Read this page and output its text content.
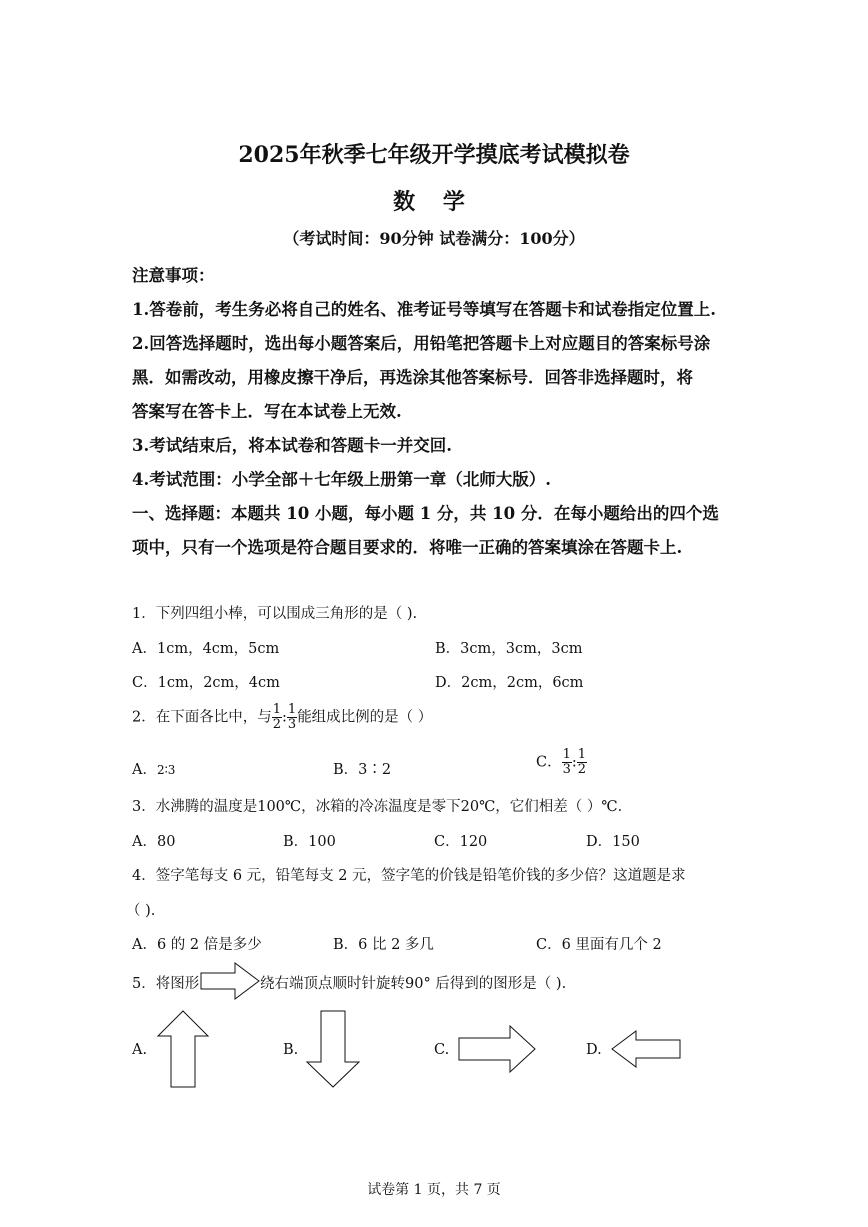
2025年秋季七年级开学摸底考试模拟卷
数 学
（考试时间：90分钟 试卷满分：100分）
注意事项：
1.答卷前，考生务必将自己的姓名、准考证号等填写在答题卡和试卷指定位置上.
2.回答选择题时，选出每小题答案后，用铅笔把答题卡上对应题目的答案标号涂
黑．如需改动，用橡皮擦干净后，再选涂其他答案标号．回答非选择题时，将
答案写在答卡上．写在本试卷上无效.
3.考试结束后，将本试卷和答题卡一并交回.
4.考试范围：小学全部＋七年级上册第一章（北师大版）.
一、选择题：本题共 10 小题，每小题 1 分，共 10 分．在每小题给出的四个选
项中，只有一个选项是符合题目要求的．将唯一正确的答案填涂在答题卡上.
1．下列四组小棒，可以围成三角形的是（ ).
A．1cm，4cm，5cm	B．3cm，3cm，3cm
C．1cm，2cm，4cm	D．2cm，2cm，6cm
2．在下面各比中，与 $\frac{1}{2}$ : $\frac{1}{3}$ 能组成比例的是（ ）
A．2∶3	B．3∶2	C． $\frac{1}{3}$ : $\frac{1}{2}$
3．水沸腾的温度是100℃，冰箱的冷冻温度是零下20℃，它们相差（ ）℃．
A．80	B．100	C．120	D．150
4．签字笔每支 6 元，铅笔每支 2 元，签字笔的价钱是铅笔价钱的多少倍？这道题是求
（ ).
A．6 的 2 倍是多少	B．6 比 2 多几	C．6 里面有几个 2
5．将图形	绕右端顶点顺时针旋转90° 后得到的图形是（ ).
A.	B.	C.	D.
试卷第 1 页，共 7 页
